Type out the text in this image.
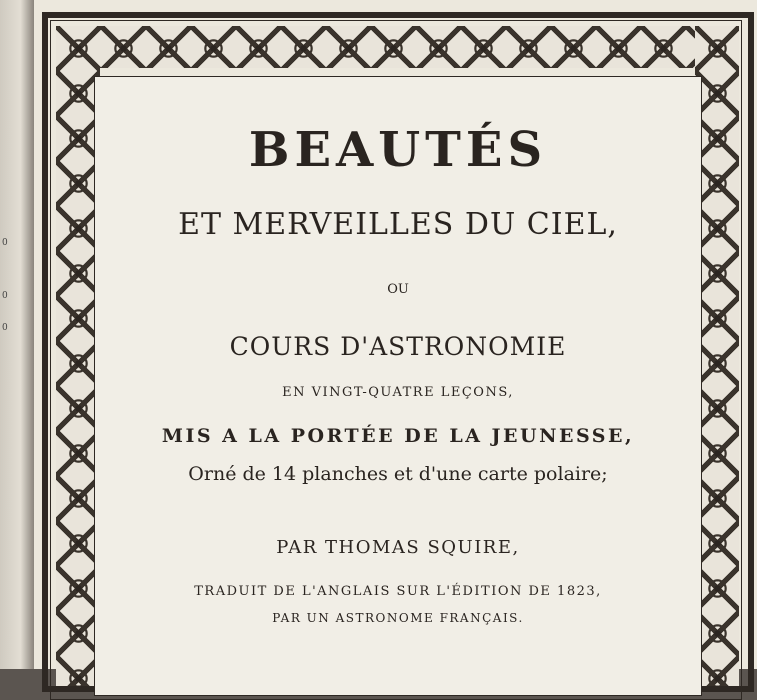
0
0
0
BEAUTÉS
ET MERVEILLES DU CIEL,
OU
COURS D'ASTRONOMIE
EN VINGT-QUATRE LEÇONS,
MIS A LA PORTÉE DE LA JEUNESSE,
Orné de 14 planches et d'une carte polaire;
PAR THOMAS SQUIRE,
TRADUIT DE L'ANGLAIS SUR L'ÉDITION DE 1823,
PAR UN ASTRONOME FRANÇAIS.
